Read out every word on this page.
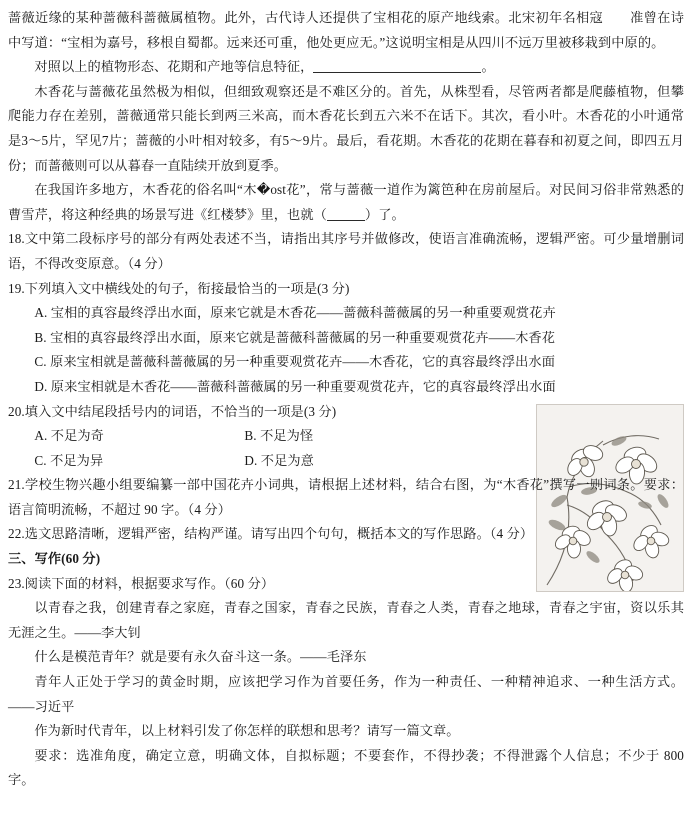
蔷薇近缘的某种蔷薇科蔷薇属植物。此外，古代诗人还提供了宝相花的原产地线索。北宋初年名相寇　　准曾在诗中写道：“宝相为嘉号，移根自蜀都。远来还可重，他处更应无。”这说明宝相是从四川不远万里被移栽到中原的。

对照以上的植物形态、花期和产地等信息特征，	。

木香花与蔷薇花虽然极为相似，但细致观察还是不难区分的。首先，从株型看，尽管两者都是爬藤植物，但攀爬能力存在差别，蔷薇通常只能长到两三米高，而木香花长到五六米不在话下。其次，看小叶。木香花的小叶通常是3～5片，罕见7片；蔷薇的小叶相对较多，有5～9片。最后，看花期。木香花的花期在暮春和初夏之间，即四五月份；而蔷薇则可以从暮春一直陆续开放到夏季。

在我国许多地方，木香花的俗名叫“木�ost花”，常与蔷薇一道作为篱笆种在房前屋后。对民间习俗非常熟悉的曹雪芹，将这种经典的场景写进《红楼梦》里，也就（	）了。

18.文中第二段标序号的部分有两处表述不当，请指出其序号并做修改，使语言准确流畅，逻辑严密。可少量增删词语，不得改变原意。（4 分）

19.下列填入文中横线处的句子，衔接最恰当的一项是(3 分)

A. 宝相的真容最终浮出水面，原来它就是木香花——蔷薇科蔷薇属的另一种重要观赏花卉

B. 宝相的真容最终浮出水面，原来它就是蔷薇科蔷薇属的另一种重要观赏花卉——木香花

C. 原来宝相就是蔷薇科蔷薇属的另一种重要观赏花卉——木香花，它的真容最终浮出水面

D. 原来宝相就是木香花——蔷薇科蔷薇属的另一种重要观赏花卉，它的真容最终浮出水面

20.填入文中结尾段括号内的词语，不恰当的一项是(3 分)

A. 不足为奇	B. 不足为怪
C. 不足为异	D. 不足为意

21.学校生物兴趣小组要编纂一部中国花卉小词典，请根据上述材料，结合右图，为“木香花”撰写一则词条。要求：语言简明流畅，不超过 90 字。（4 分）

22.选文思路清晰，逻辑严密，结构严谨。请写出四个句句，概括本文的写作思路。（4 分）

三、写作(60 分)

23.阅读下面的材料，根据要求写作。（60 分）

以青春之我，创建青春之家庭，青春之国家，青春之民族，青春之人类，青春之地球，青春之宇宙，资以乐其无涯之生。——李大钊

什么是模范青年？就是要有永久奋斗这一条。——毛泽东

青年人正处于学习的黄金时期，应该把学习作为首要任务，作为一种责任、一种精神追求、一种生活方式。——习近平

作为新时代青年，以上材料引发了你怎样的联想和思考？请写一篇文章。

要求：选准角度，确定立意，明确文体，自拟标题；不要套作，不得抄袭；不得泄露个人信息；不少于 800 字。
